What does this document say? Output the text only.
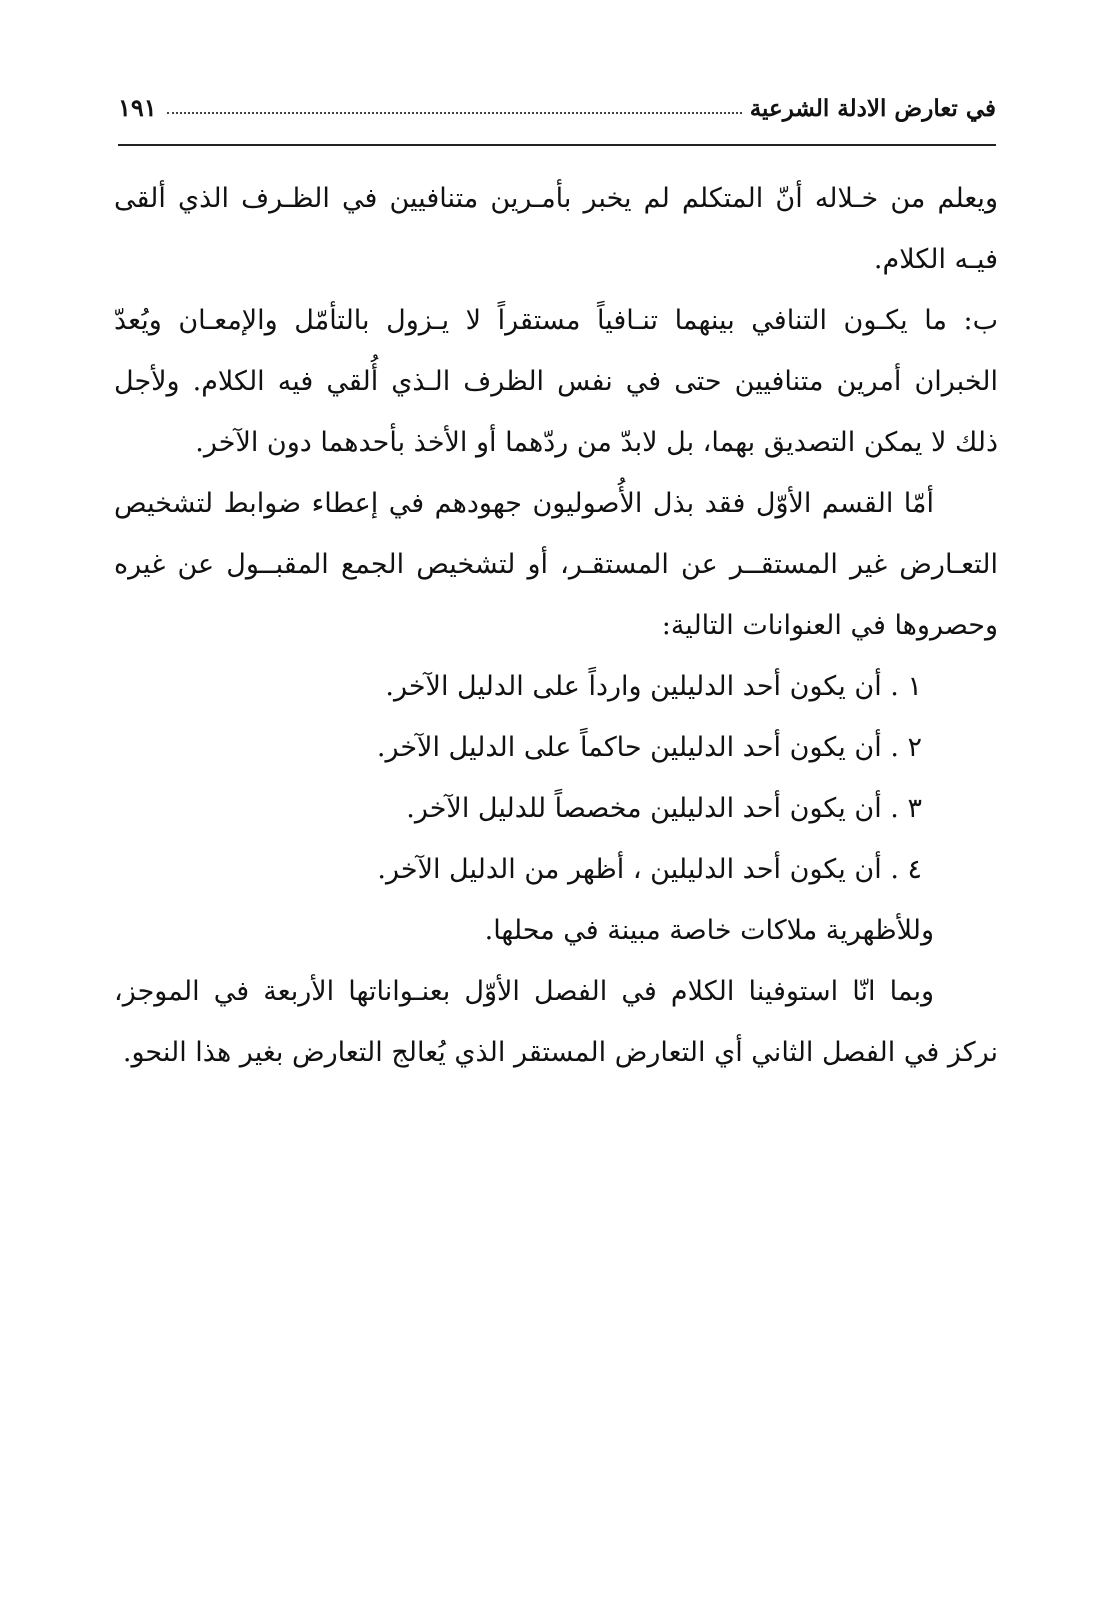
في تعارض الادلة الشرعية
١٩١

ويعلم من خـلاله أنّ المتكلم لم يخبر بأمـرين متنافيين في الظـرف الذي ألقى فيـه الكلام.

ب: ما يكـون التنافي بينهما تنـافياً مستقراً لا يـزول بالتأمّل والإمعـان ويُعدّ الخبران أمرين متنافيين حتى في نفس الظرف الـذي أُلقي فيه الكلام. ولأجل ذلك لا يمكن التصديق بهما، بل لابدّ من ردّهما أو الأخذ بأحدهما دون الآخر.

أمّا القسم الأوّل فقد بذل الأُصوليون جهودهم في إعطاء ضوابط لتشخيص التعـارض غير المستقــر عن المستقـر، أو لتشخيص الجمع المقبــول عن غيره وحصروها في العنوانات التالية:

١ . أن يكون أحد الدليلين وارداً على الدليل الآخر.
٢ . أن يكون أحد الدليلين حاكماً على الدليل الآخر.
٣ . أن يكون أحد الدليلين مخصصاً للدليل الآخر.
٤ . أن يكون أحد الدليلين ، أظهر من الدليل الآخر.

وللأظهرية ملاكات خاصة مبينة في محلها.

وبما انّا استوفينا الكلام في الفصل الأوّل بعنـواناتها الأربعة في الموجز، نركز في الفصل الثاني أي التعارض المستقر الذي يُعالج التعارض بغير هذا النحو.
